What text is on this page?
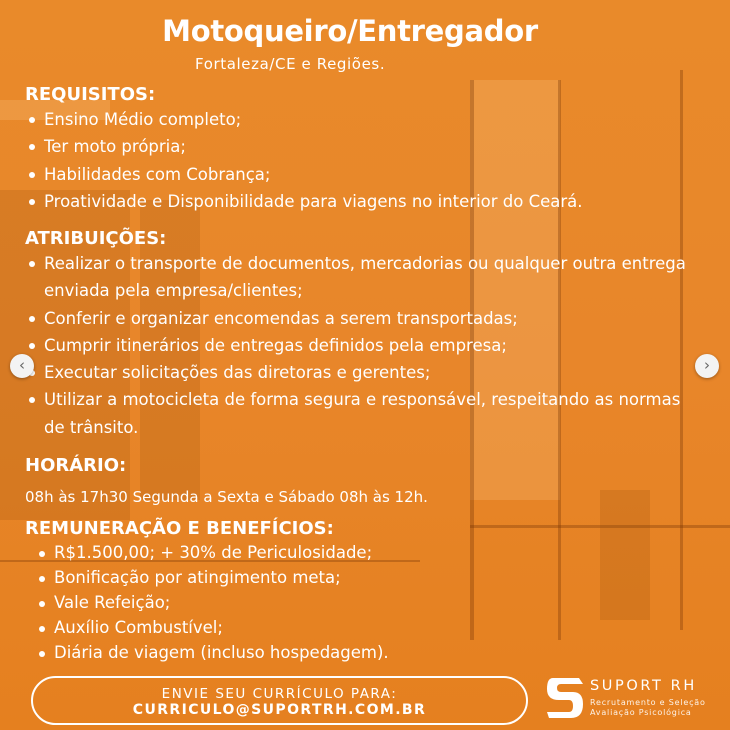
Motoqueiro/Entregador
Fortaleza/CE e Regiões.
REQUISITOS:
Ensino Médio completo;
Ter moto própria;
Habilidades com Cobrança;
Proatividade e Disponibilidade para viagens no interior do Ceará.
ATRIBUIÇÕES:
Realizar o transporte de documentos, mercadorias ou qualquer outra entrega enviada pela empresa/clientes;
Conferir e organizar encomendas a serem transportadas;
Cumprir itinerários de entregas definidos pela empresa;
Executar solicitações das diretoras e gerentes;
Utilizar a motocicleta de forma segura e responsável, respeitando as normas de trânsito.
HORÁRIO:
08h às 17h30 Segunda a Sexta e Sábado 08h às 12h.
REMUNERAÇÃO E BENEFÍCIOS:
R$1.500,00; + 30% de Periculosidade;
Bonificação por atingimento meta;
Vale Refeição;
Auxílio Combustível;
Diária de viagem (incluso hospedagem).
ENVIE SEU CURRÍCULO PARA:
CURRICULO@SUPORTRH.COM.BR
SUPORT RH
Recrutamento e Seleção
Avaliação Psicológica
‹	›
